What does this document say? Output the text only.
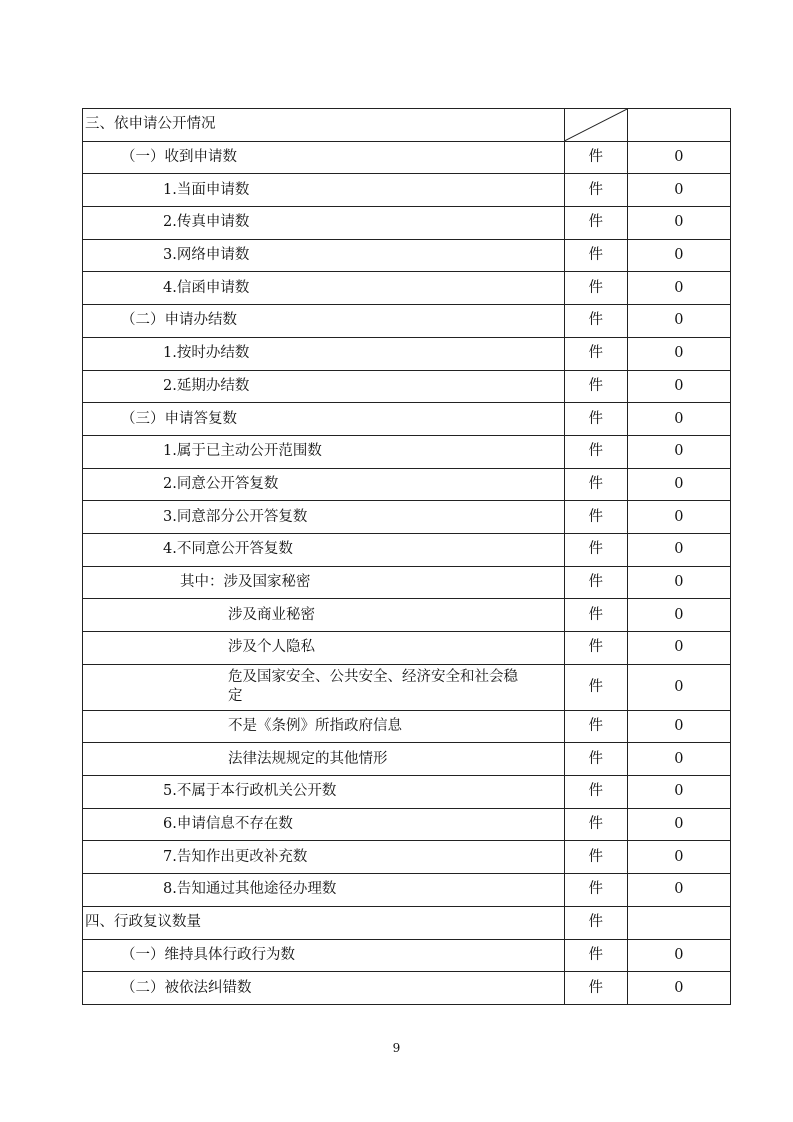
三、依申请公开情况	

（一）收到申请数	件	0
1.当面申请数	件	0
2.传真申请数	件	0
3.网络申请数	件	0
4.信函申请数	件	0
（二）申请办结数	件	0
1.按时办结数	件	0
2.延期办结数	件	0
（三）申请答复数	件	0
1.属于已主动公开范围数	件	0
2.同意公开答复数	件	0
3.同意部分公开答复数	件	0
4.不同意公开答复数	件	0
其中：涉及国家秘密	件	0
涉及商业秘密	件	0
涉及个人隐私	件	0
危及国家安全、公共安全、经济安全和社会稳定	件	0
不是《条例》所指政府信息	件	0
法律法规规定的其他情形	件	0
5.不属于本行政机关公开数	件	0
6.申请信息不存在数	件	0
7.告知作出更改补充数	件	0
8.告知通过其他途径办理数	件	0
四、行政复议数量	件	
（一）维持具体行政行为数	件	0
（二）被依法纠错数	件	0
9
